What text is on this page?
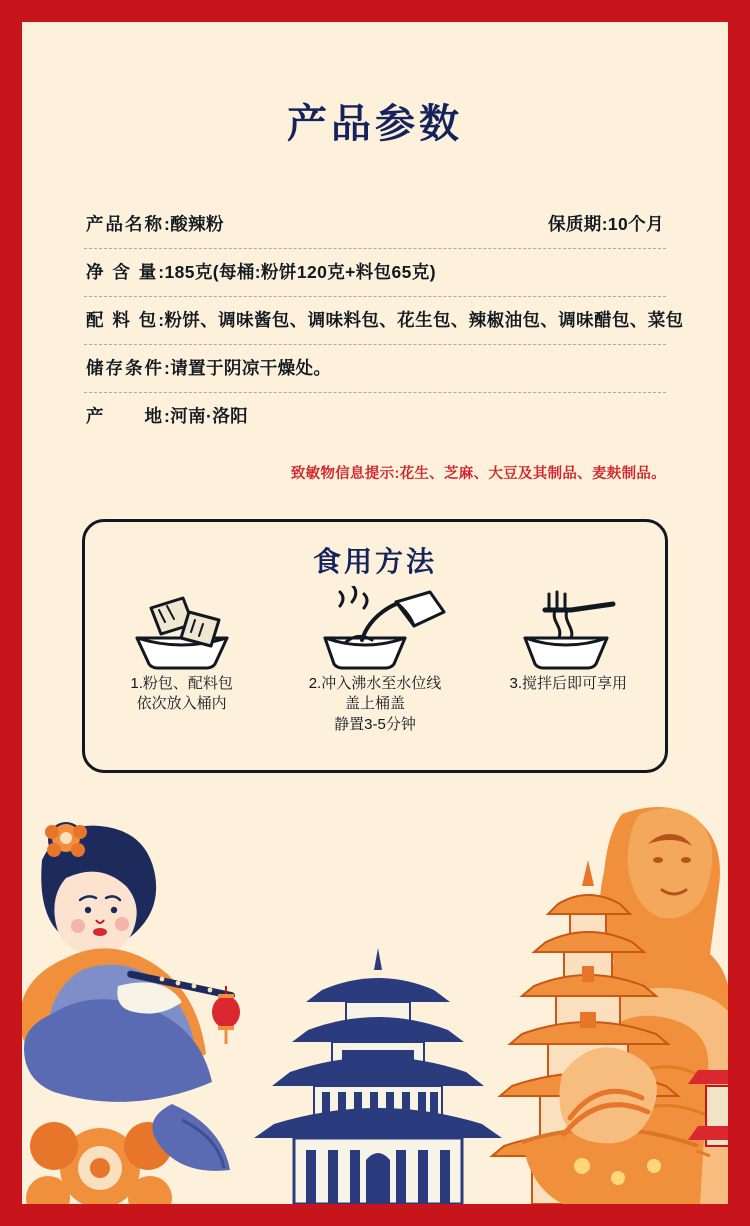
产品参数
产品名称:酸辣粉	保质期:10个月
净 含 量:185克(每桶:粉饼120克+料包65克)
配 料 包:粉饼、调味酱包、调味料包、花生包、辣椒油包、调味醋包、菜包
储存条件:请置于阴凉干燥处。
产　　地:河南·洛阳
致敏物信息提示:花生、芝麻、大豆及其制品、麦麸制品。
食用方法
1.粉包、配料包
依次放入桶内
2.冲入沸水至水位线
盖上桶盖
静置3-5分钟
3.搅拌后即可享用
